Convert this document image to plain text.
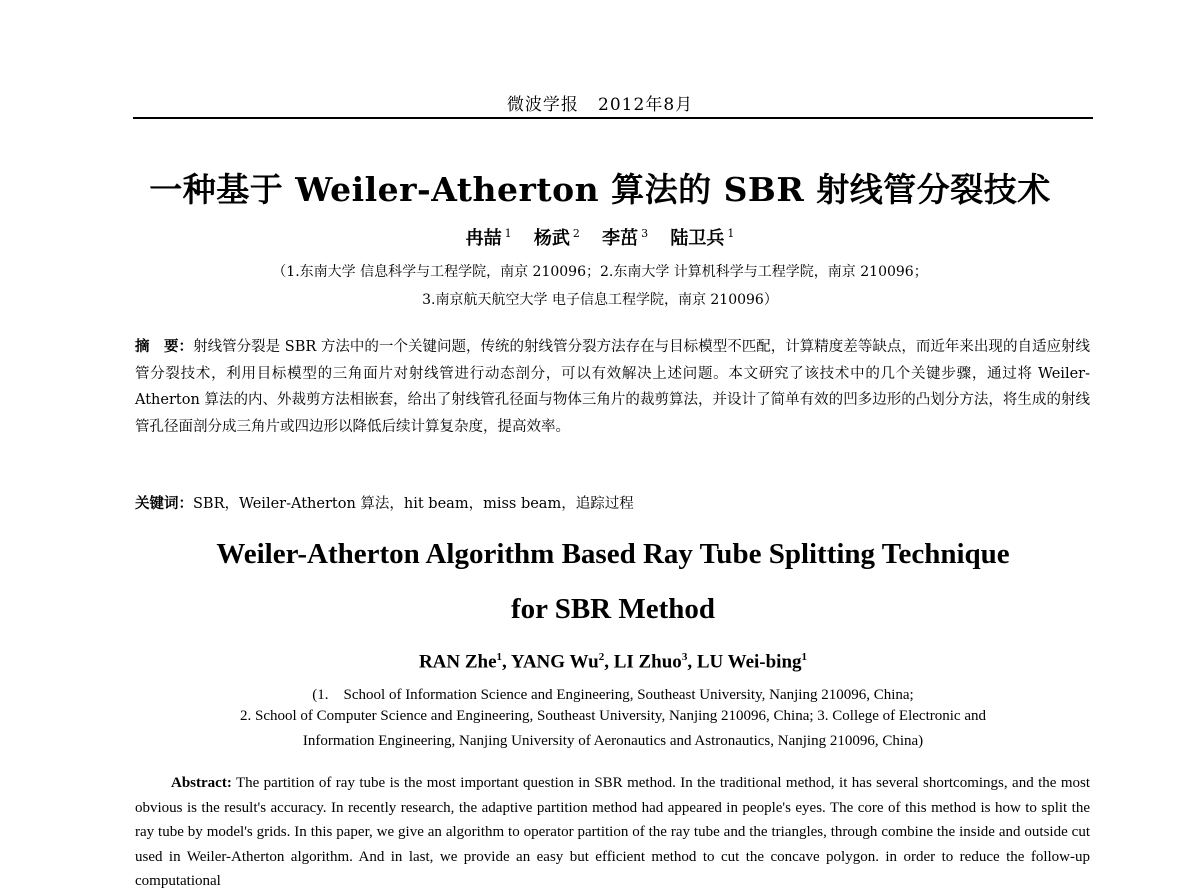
微波学报   2012年8月
一种基于 Weiler-Atherton 算法的 SBR 射线管分裂技术
冉喆 $^1$ 杨武 $^2$ 李茁 $^3$ 陆卫兵 $^1$
（1.东南大学 信息科学与工程学院，南京 210096；2.东南大学 计算机科学与工程学院，南京 210096；
3.南京航天航空大学 电子信息工程学院，南京 210096）
摘　要：射线管分裂是 SBR 方法中的一个关键问题，传统的射线管分裂方法存在与目标模型不匹配，计算精度差等缺点，而近年来出现的自适应射线管分裂技术，利用目标模型的三角面片对射线管进行动态剖分，可以有效解决上述问题。本文研究了该技术中的几个关键步骤，通过将 Weiler- Atherton 算法的内、外裁剪方法相嵌套，给出了射线管孔径面与物体三角片的裁剪算法，并设计了简单有效的凹多边形的凸划分方法，将生成的射线管孔径面剖分成三角片或四边形以降低后续计算复杂度，提高效率。
关键词：SBR，Weiler-Atherton 算法，hit beam，miss beam，追踪过程
Weiler-Atherton Algorithm Based Ray Tube Splitting Technique
for SBR Method
RAN Zhe$^1$, YANG Wu$^2$, LI Zhuo$^3$, LU Wei-bing$^1$
(1.　School of Information Science and Engineering, Southeast University, Nanjing 210096, China;
2. School of Computer Science and Engineering, Southeast University, Nanjing 210096, China; 3. College of Electronic and
Information Engineering, Nanjing University of Aeronautics and Astronautics, Nanjing 210096, China)
Abstract: The partition of ray tube is the most important question in SBR method. In the traditional method, it has several shortcomings, and the most obvious is the result's accuracy. In recently research, the adaptive partition method had appeared in people's eyes. The core of this method is how to split the ray tube by model's grids. In this paper, we give an algorithm to operator partition of the ray tube and the triangles, through combine the inside and outside cut used in Weiler-Atherton algorithm. And in last, we provide an easy but efficient method to cut the concave polygon. in order to reduce the follow-up computational
